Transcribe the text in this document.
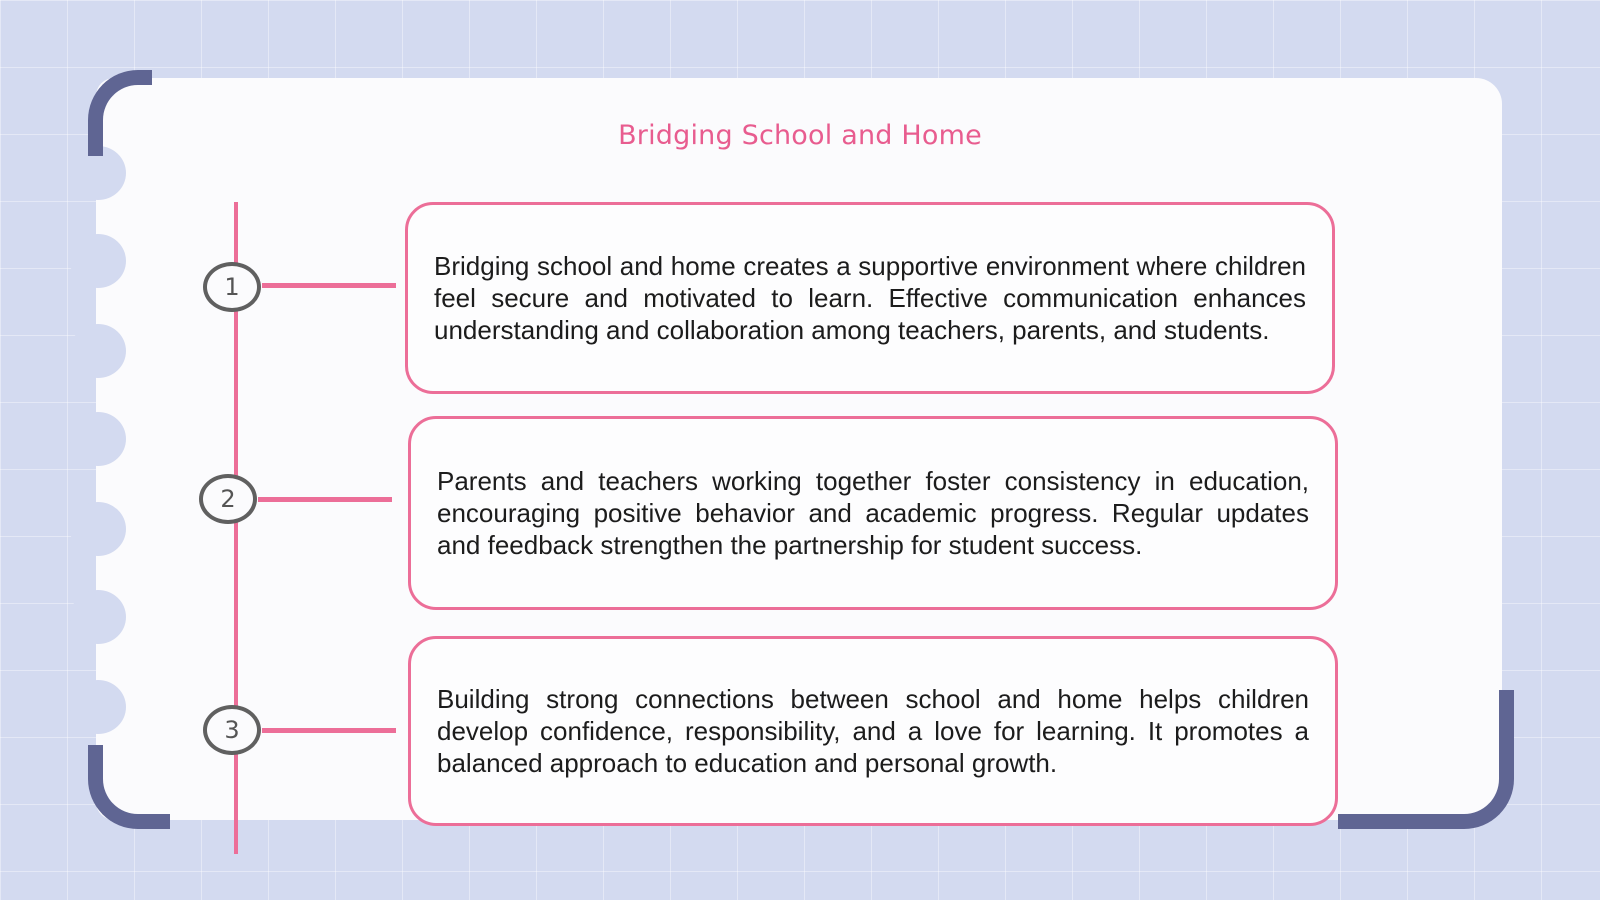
Bridging School and Home
1
2
3

Bridging school and home creates a supportive environment where children feel secure and motivated to learn. Effective communication enhances understanding and collaboration among teachers, parents, and students.

Parents and teachers working together foster consistency in education, encouraging positive behavior and academic progress. Regular updates and feedback strengthen the partnership for student success.

Building strong connections between school and home helps children develop confidence, responsibility, and a love for learning. It promotes a balanced approach to education and personal growth.
